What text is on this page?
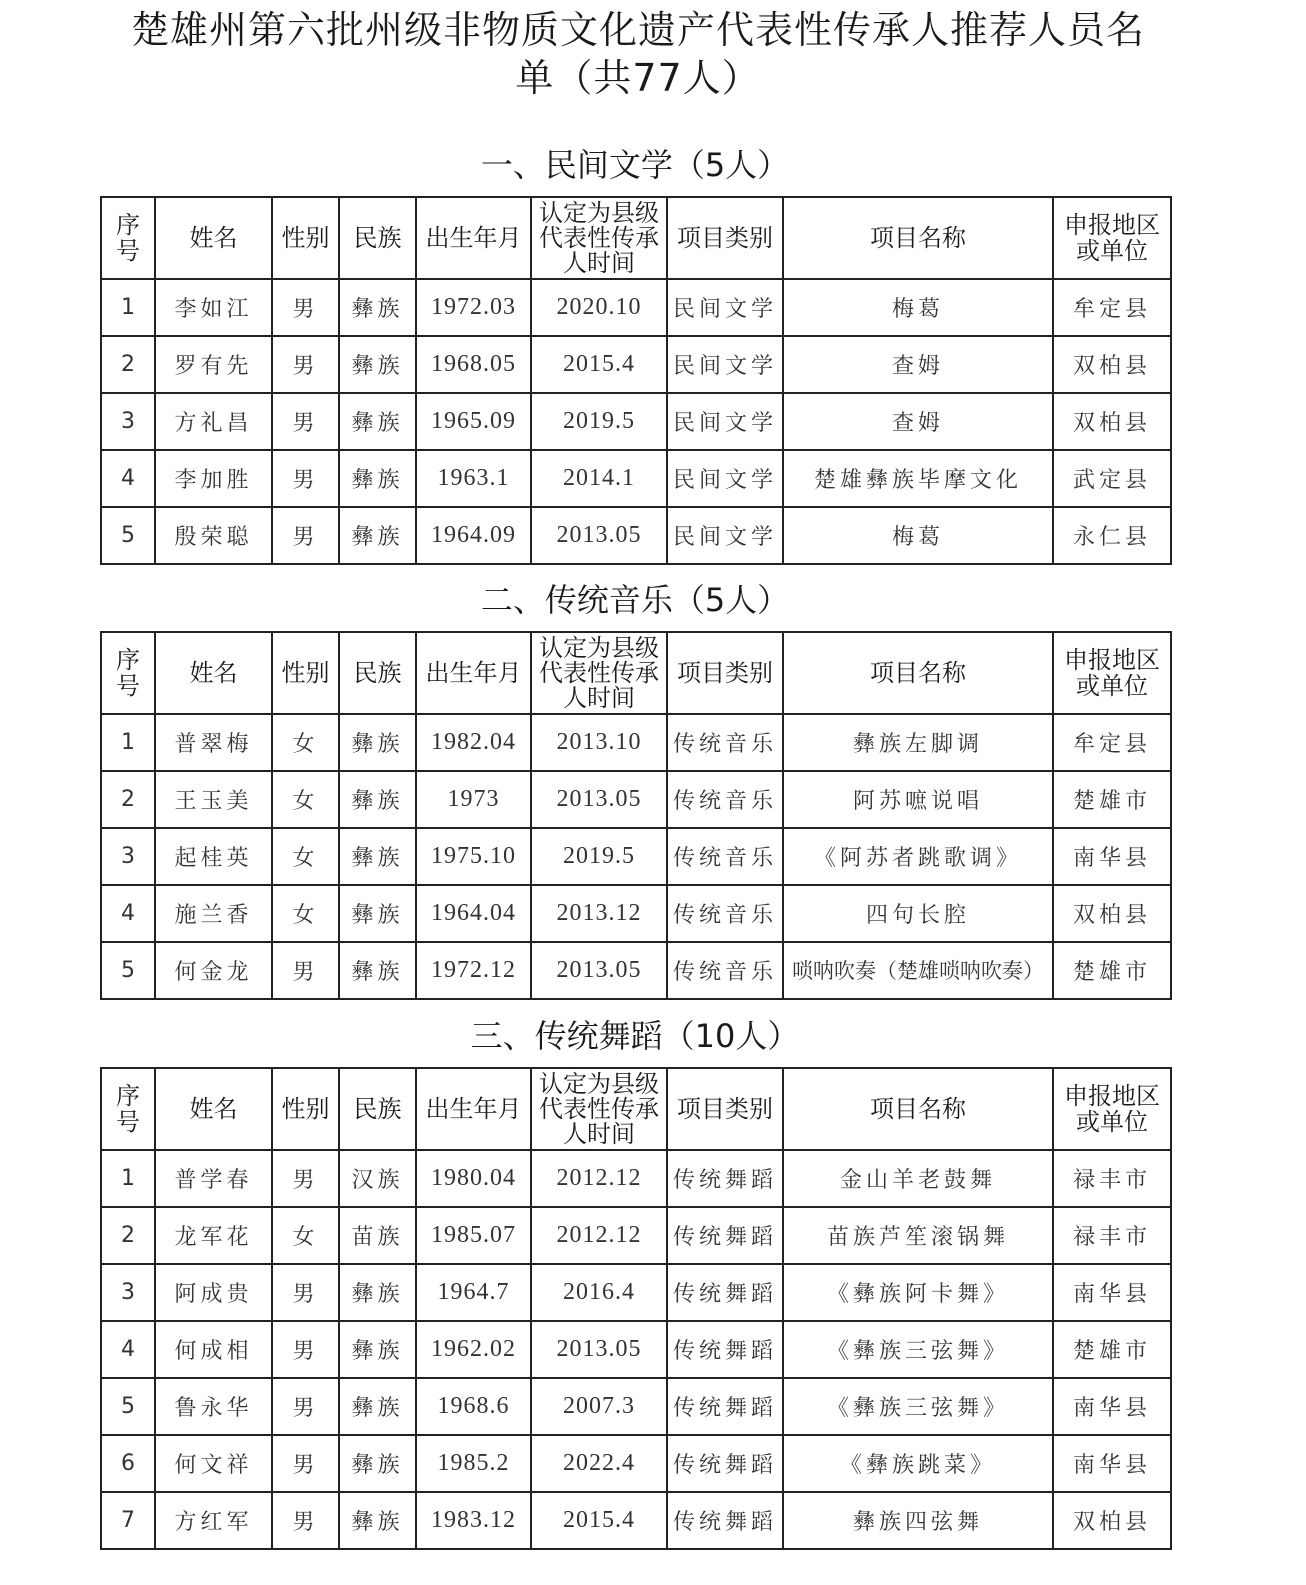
楚雄州第六批州级非物质文化遗产代表性传承人推荐人员名
单（共77人）
一、民间文学（5人）
序号	姓名	性别	民族	出生年月	认定为县级代表性传承人时间	项目类别	项目名称	申报地区或单位
1	李如江	男	彝族	1972.03	2020.10	民间文学	梅葛	牟定县
2	罗有先	男	彝族	1968.05	2015.4	民间文学	查姆	双柏县
3	方礼昌	男	彝族	1965.09	2019.5	民间文学	查姆	双柏县
4	李加胜	男	彝族	1963.1	2014.1	民间文学	楚雄彝族毕摩文化	武定县
5	殷荣聪	男	彝族	1964.09	2013.05	民间文学	梅葛	永仁县
二、传统音乐（5人）
序号	姓名	性别	民族	出生年月	认定为县级代表性传承人时间	项目类别	项目名称	申报地区或单位
1	普翠梅	女	彝族	1982.04	2013.10	传统音乐	彝族左脚调	牟定县
2	王玉美	女	彝族	1973	2013.05	传统音乐	阿苏嗻说唱	楚雄市
3	起桂英	女	彝族	1975.10	2019.5	传统音乐	《阿苏者跳歌调》	南华县
4	施兰香	女	彝族	1964.04	2013.12	传统音乐	四句长腔	双柏县
5	何金龙	男	彝族	1972.12	2013.05	传统音乐	唢呐吹奏（楚雄唢呐吹奏）	楚雄市
三、传统舞蹈（10人）
序号	姓名	性别	民族	出生年月	认定为县级代表性传承人时间	项目类别	项目名称	申报地区或单位
1	普学春	男	汉族	1980.04	2012.12	传统舞蹈	金山羊老鼓舞	禄丰市
2	龙军花	女	苗族	1985.07	2012.12	传统舞蹈	苗族芦笙滚锅舞	禄丰市
3	阿成贵	男	彝族	1964.7	2016.4	传统舞蹈	《彝族阿卡舞》	南华县
4	何成相	男	彝族	1962.02	2013.05	传统舞蹈	《彝族三弦舞》	楚雄市
5	鲁永华	男	彝族	1968.6	2007.3	传统舞蹈	《彝族三弦舞》	南华县
6	何文祥	男	彝族	1985.2	2022.4	传统舞蹈	《彝族跳菜》	南华县
7	方红军	男	彝族	1983.12	2015.4	传统舞蹈	彝族四弦舞	双柏县
